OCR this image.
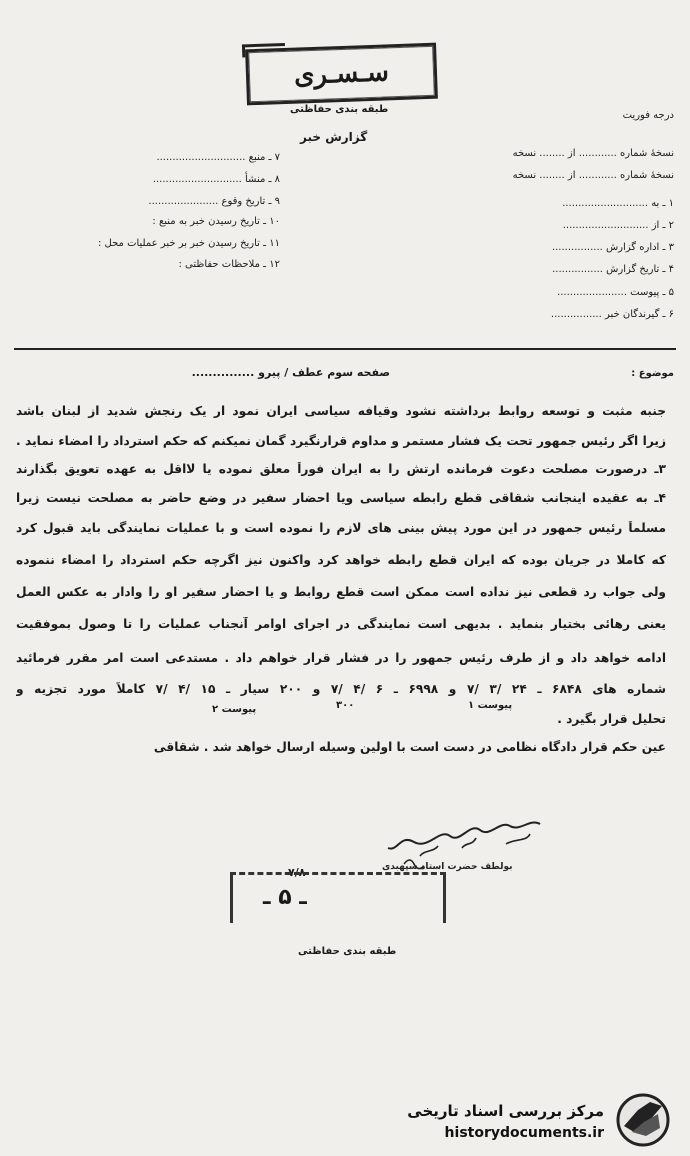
سـسـری
طبقه بندی حفاظتی
گزارش خبر
درجه فوریت
نسخهٔ شماره ............ از ........ نسخه
نسخهٔ شماره ............ از ........ نسخه
۱ ـ به ...........................
۲ ـ از ...........................
۳ ـ اداره گزارش ................
۴ ـ تاریخ گزارش ................
۵ ـ پیوست ......................
۶ ـ گیرندگان خبر ................
۷ ـ منبع ............................
۸ ـ منشأ ............................
۹ ـ تاریخ وقوع ......................
۱۰ ـ تاریخ رسیدن خبر به منبع :
۱۱ ـ تاریخ رسیدن خبر بر خبر عملیات محل :
۱۲ ـ ملاحظات حفاظتی :
موضوع :
صفحه سوم عطف / پیرو ...............
جنبه مثبت و توسعه روابط برداشته نشود وقیافه سیاسی ایران نمود ار یک رنجش شدید از لبنان باشد
زیرا اگر رئیس جمهور تحت یک فشار مستمر و مداوم قرارنگیرد گمان نمیکنم که حکم استرداد را امضاء نماید .
۳ـ درصورت مصلحت دعوت فرمانده ارتش را به ایران فوراً معلق نموده یا لااقل به عهده تعویق بگذارند
۴ـ به عقیده اینجانب شقاقی قطع رابطه سیاسی ویا احضار سفیر در وضع حاضر به مصلحت نیست زیرا
مسلماً رئیس جمهور در این مورد پیش بینی های لازم را نموده است و با عملیات نمایندگی باید قبول کرد
که کاملا در جریان بوده که ایران قطع رابطه خواهد کرد واکنون نیز اگرچه حکم استرداد را امضاء ننموده
ولی جواب رد قطعی نیز نداده است ممکن است قطع روابط و یا احضار سفیر او را وادار به عکس العمل
یعنی رهائی بختیار بنماید . بدیهی است نمایندگی در اجرای اوامر آنجناب عملیات را تا وصول بموفقیت
ادامه خواهد داد و از طرف رئیس جمهور را در فشار قرار خواهم داد . مستدعی است امر مقرر فرمائید
شماره های ۶۸۴۸ ـ ۲۴ /۳ /۷ و ۶۹۹۸ ـ ۶ /۴ /۷ و ۲۰۰ سیار ـ ۱۵ /۴ /۷ کاملاً مورد تجزیه و
تحلیل قرار بگیرد .
عین حکم قرار دادگاه نظامی در دست است با اولین وسیله ارسال خواهد شد . شقاقی
پیوست ۱
پیوست ۲	۳۰۰
بولطف حضرت استاد سپهبدی
۷/۸
ـ ۵ ـ
طبقه بندی حفاظتی
مرکز بررسی اسناد تاریخی
historydocuments.ir
